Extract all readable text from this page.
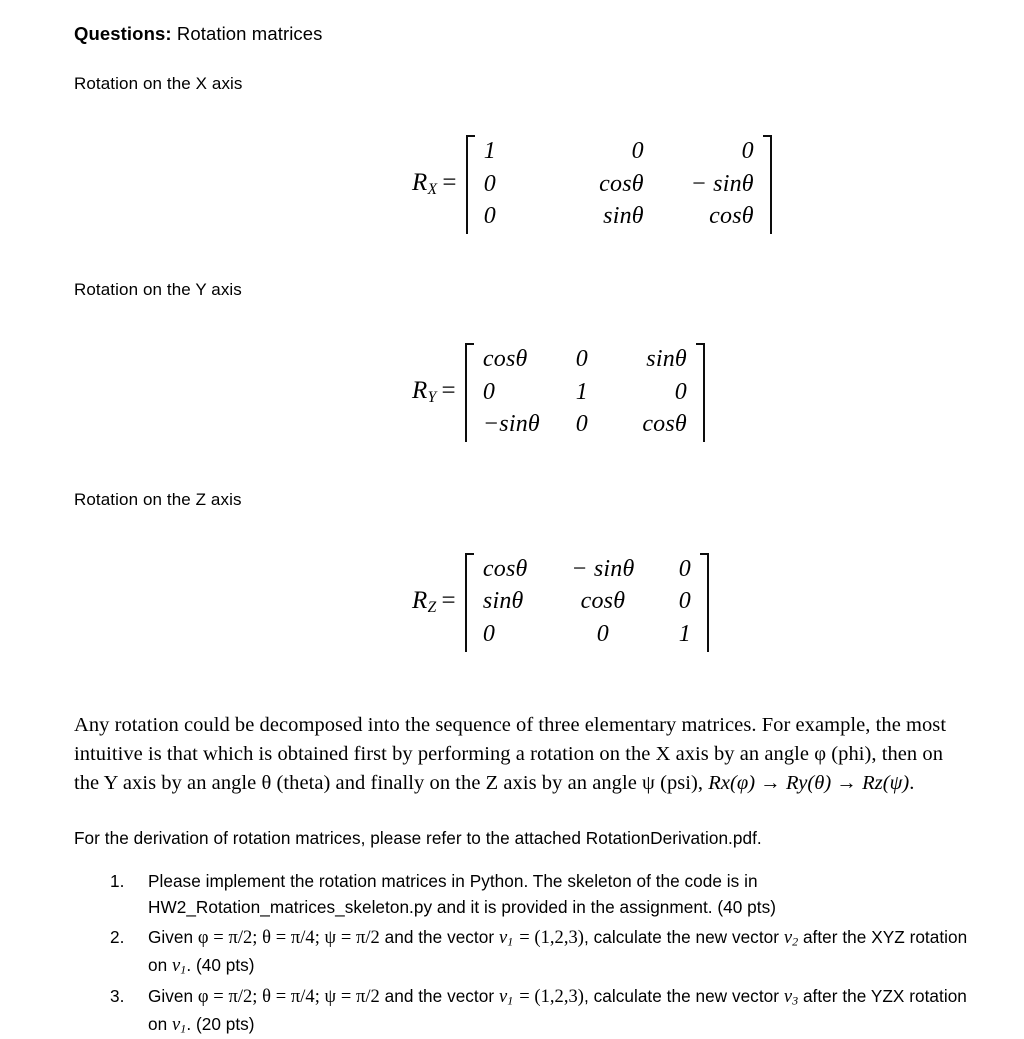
Questions: Rotation matrices

Rotation on the X axis

$R_X$ =
1	0	0
0	cosθ	− sinθ
0	sinθ	cosθ

Rotation on the Y axis

$R_Y$ =
cosθ	0	sinθ
0	1	0
−sinθ	0	cosθ

Rotation on the Z axis

$R_Z$ =
cosθ	− sinθ	0
sinθ	cosθ	0
0	0	1

Any rotation could be decomposed into the sequence of three elementary matrices. For example, the most intuitive is that which is obtained first by performing a rotation on the X axis by an angle φ (phi), then on the Y axis by an angle θ (theta) and finally on the Z axis by an angle ψ (psi), Rx(φ) → Ry(θ) → Rz(ψ).

For the derivation of rotation matrices, please refer to the attached RotationDerivation.pdf.

Please implement the rotation matrices in Python. The skeleton of the code is in
HW2_Rotation_matrices_skeleton.py and it is provided in the assignment. (40 pts)
Given φ = π/2; θ = π/4; ψ = π/2 and the vector $v_1 = (1,2,3)$, calculate the new vector $v_2$ after the XYZ rotation on $v_1$. (40 pts)
Given φ = π/2; θ = π/4; ψ = π/2 and the vector $v_1 = (1,2,3)$, calculate the new vector $v_3$ after the YZX rotation on $v_1$. (20 pts)
